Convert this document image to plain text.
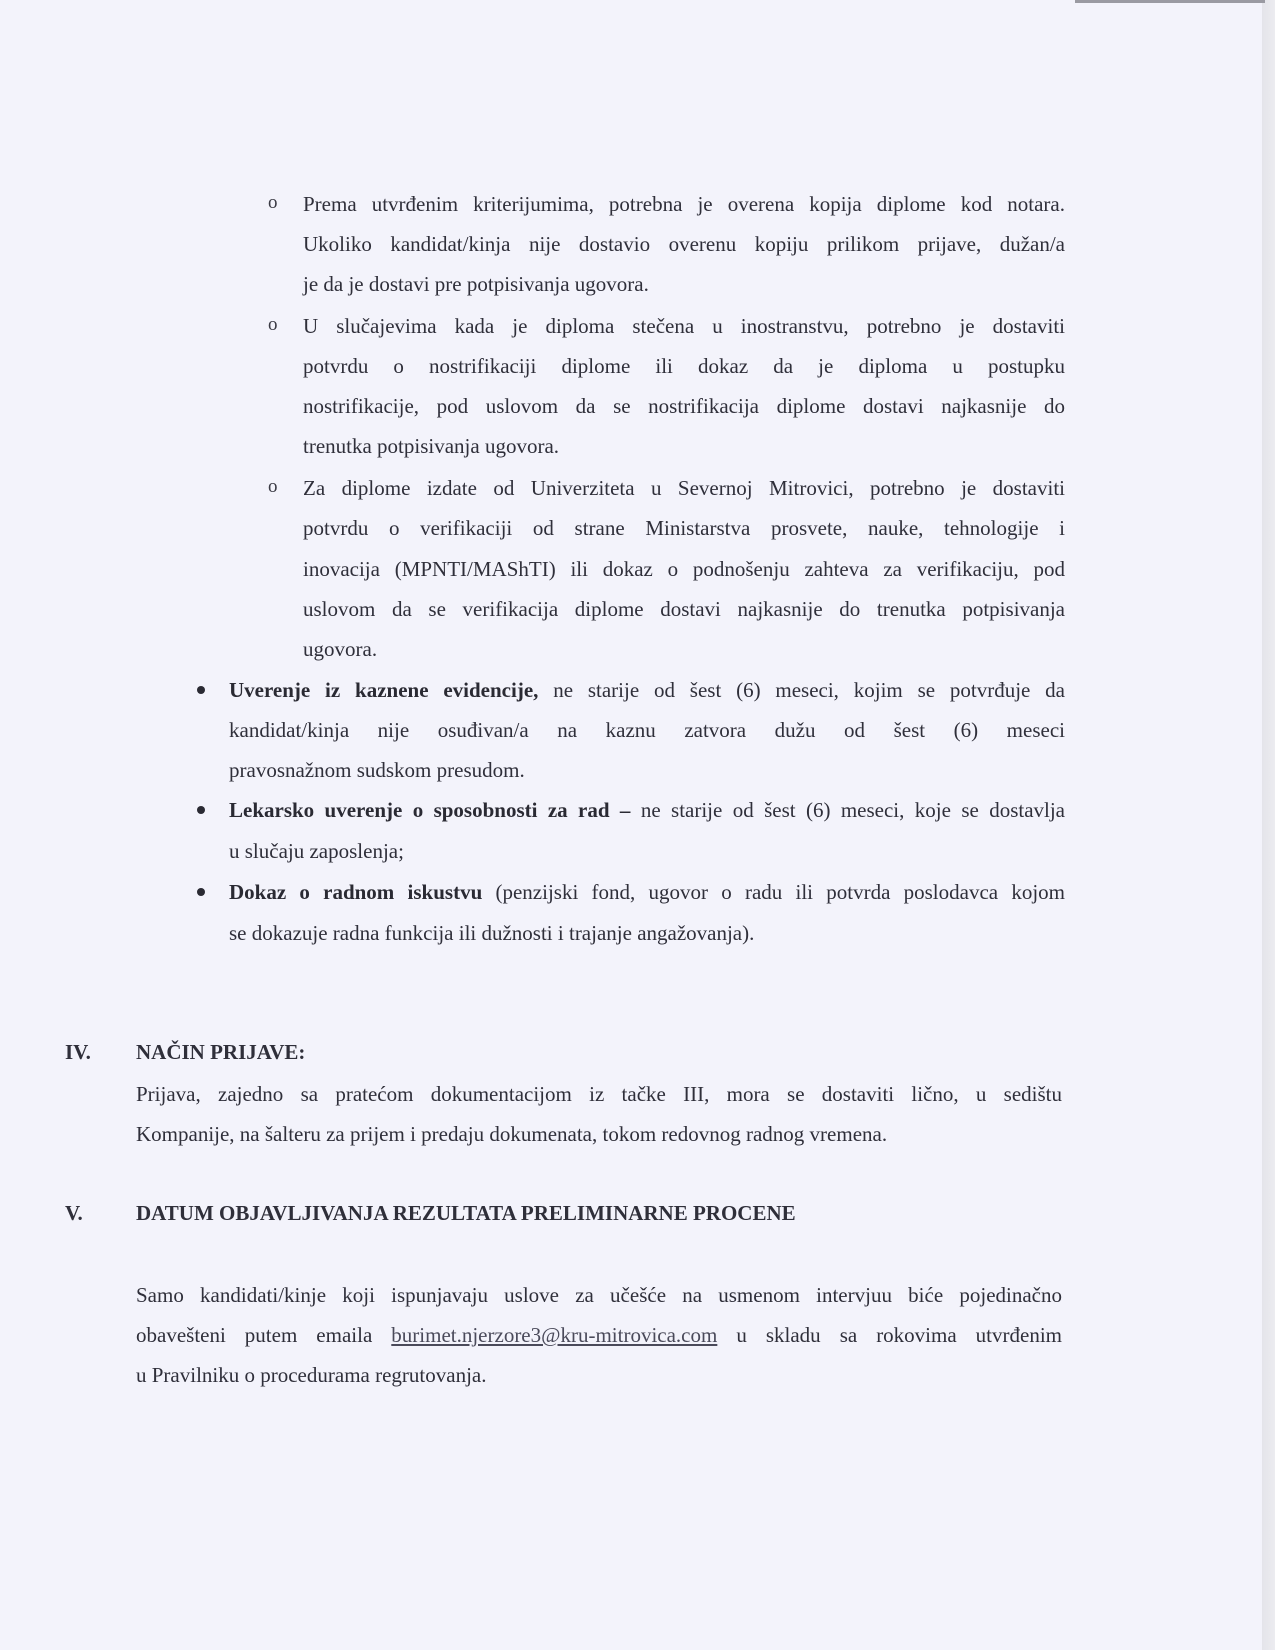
o Prema utvrđenim kriterijumima, potrebna je overena kopija diplome kod notara.
Ukoliko kandidat/kinja nije dostavio overenu kopiju prilikom prijave, dužan/a
je da je dostavi pre potpisivanja ugovora.
o U slučajevima kada je diploma stečena u inostranstvu, potrebno je dostaviti
potvrdu o nostrifikaciji diplome ili dokaz da je diploma u postupku
nostrifikacije, pod uslovom da se nostrifikacija diplome dostavi najkasnije do
trenutka potpisivanja ugovora.
o Za diplome izdate od Univerziteta u Severnoj Mitrovici, potrebno je dostaviti
potvrdu o verifikaciji od strane Ministarstva prosvete, nauke, tehnologije i
inovacija (MPNTI/MAShTI) ili dokaz o podnošenju zahteva za verifikaciju, pod
uslovom da se verifikacija diplome dostavi najkasnije do trenutka potpisivanja
ugovora.
Uverenje iz kaznene evidencije, ne starije od šest (6) meseci, kojim se potvrđuje da
kandidat/kinja nije osuđivan/a na kaznu zatvora dužu od šest (6) meseci
pravosnažnom sudskom presudom.
Lekarsko uverenje o sposobnosti za rad – ne starije od šest (6) meseci, koje se dostavlja
u slučaju zaposlenja;
Dokaz o radnom iskustvu (penzijski fond, ugovor o radu ili potvrda poslodavca kojom
se dokazuje radna funkcija ili dužnosti i trajanje angažovanja).
IV. NAČIN PRIJAVE:
Prijava, zajedno sa pratećom dokumentacijom iz tačke III, mora se dostaviti lično, u sedištu
Kompanije, na šalteru za prijem i predaju dokumenata, tokom redovnog radnog vremena.
V.	DATUM OBJAVLJIVANJA REZULTATA PRELIMINARNE PROCENE
Samo kandidati/kinje koji ispunjavaju uslove za učešće na usmenom intervjuu biće pojedinačno
obavešteni putem emaila burimet.njerzore3@kru-mitrovica.com u skladu sa rokovima utvrđenim
u Pravilniku o procedurama regrutovanja.
